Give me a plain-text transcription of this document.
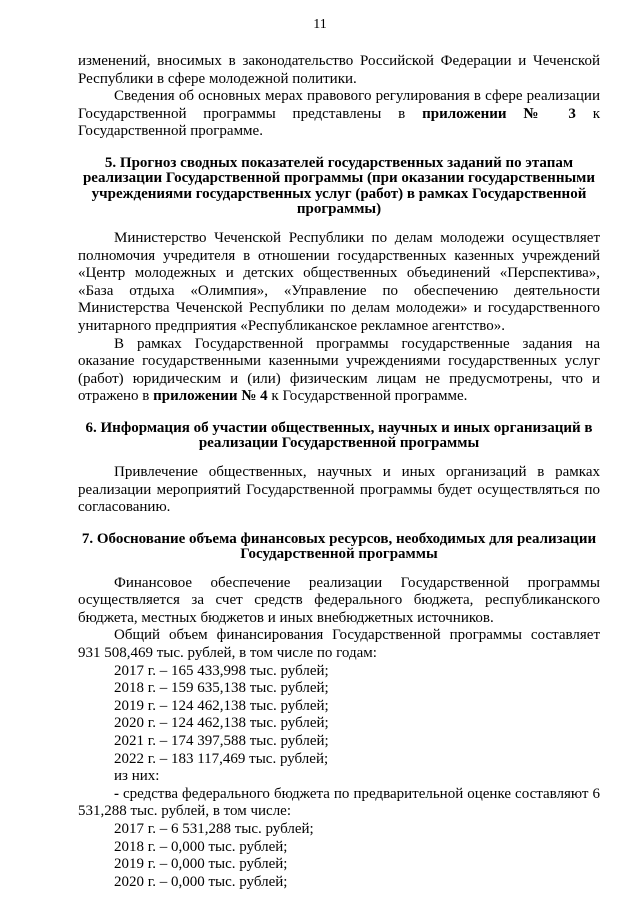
11

изменений, вносимых в законодательство Российской Федерации и Чеченской Республики в сфере молодежной политики.

Сведения об основных мерах правового регулирования в сфере реализации Государственной программы представлены в приложении № 3 к Государственной программе.

5. Прогноз сводных показателей государственных заданий по этапам реализации Государственной программы (при оказании государственными учреждениями государственных услуг (работ) в рамках Государственной программы)

Министерство Чеченской Республики по делам молодежи осуществляет полномочия учредителя в отношении государственных казенных учреждений «Центр молодежных и детских общественных объединений «Перспектива», «База отдыха «Олимпия», «Управление по обеспечению деятельности Министерства Чеченской Республики по делам молодежи» и государственного унитарного предприятия «Республиканское рекламное агентство».

В рамках Государственной программы государственные задания на оказание государственными казенными учреждениями государственных услуг (работ) юридическим и (или) физическим лицам не предусмотрены, что и отражено в приложении № 4 к Государственной программе.

6. Информация об участии общественных, научных и иных организаций в реализации Государственной программы

Привлечение общественных, научных и иных организаций в рамках реализации мероприятий Государственной программы будет осуществляться по согласованию.

7. Обоснование объема финансовых ресурсов, необходимых для реализации Государственной программы

Финансовое обеспечение реализации Государственной программы осуществляется за счет средств федерального бюджета, республиканского бюджета, местных бюджетов и иных внебюджетных источников.

Общий объем финансирования Государственной программы составляет 931 508,469 тыс. рублей, в том числе по годам:

2017 г. – 165 433,998 тыс. рублей;

2018 г. – 159 635,138 тыс. рублей;

2019 г. – 124 462,138 тыс. рублей;

2020 г. – 124 462,138 тыс. рублей;

2021 г. – 174 397,588 тыс. рублей;

2022 г. – 183 117,469 тыс. рублей;

из них:

- средства федерального бюджета по предварительной оценке составляют 6 531,288 тыс. рублей, в том числе:

2017 г. – 6 531,288 тыс. рублей;

2018 г. – 0,000 тыс. рублей;

2019 г. – 0,000 тыс. рублей;

2020 г. – 0,000 тыс. рублей;
